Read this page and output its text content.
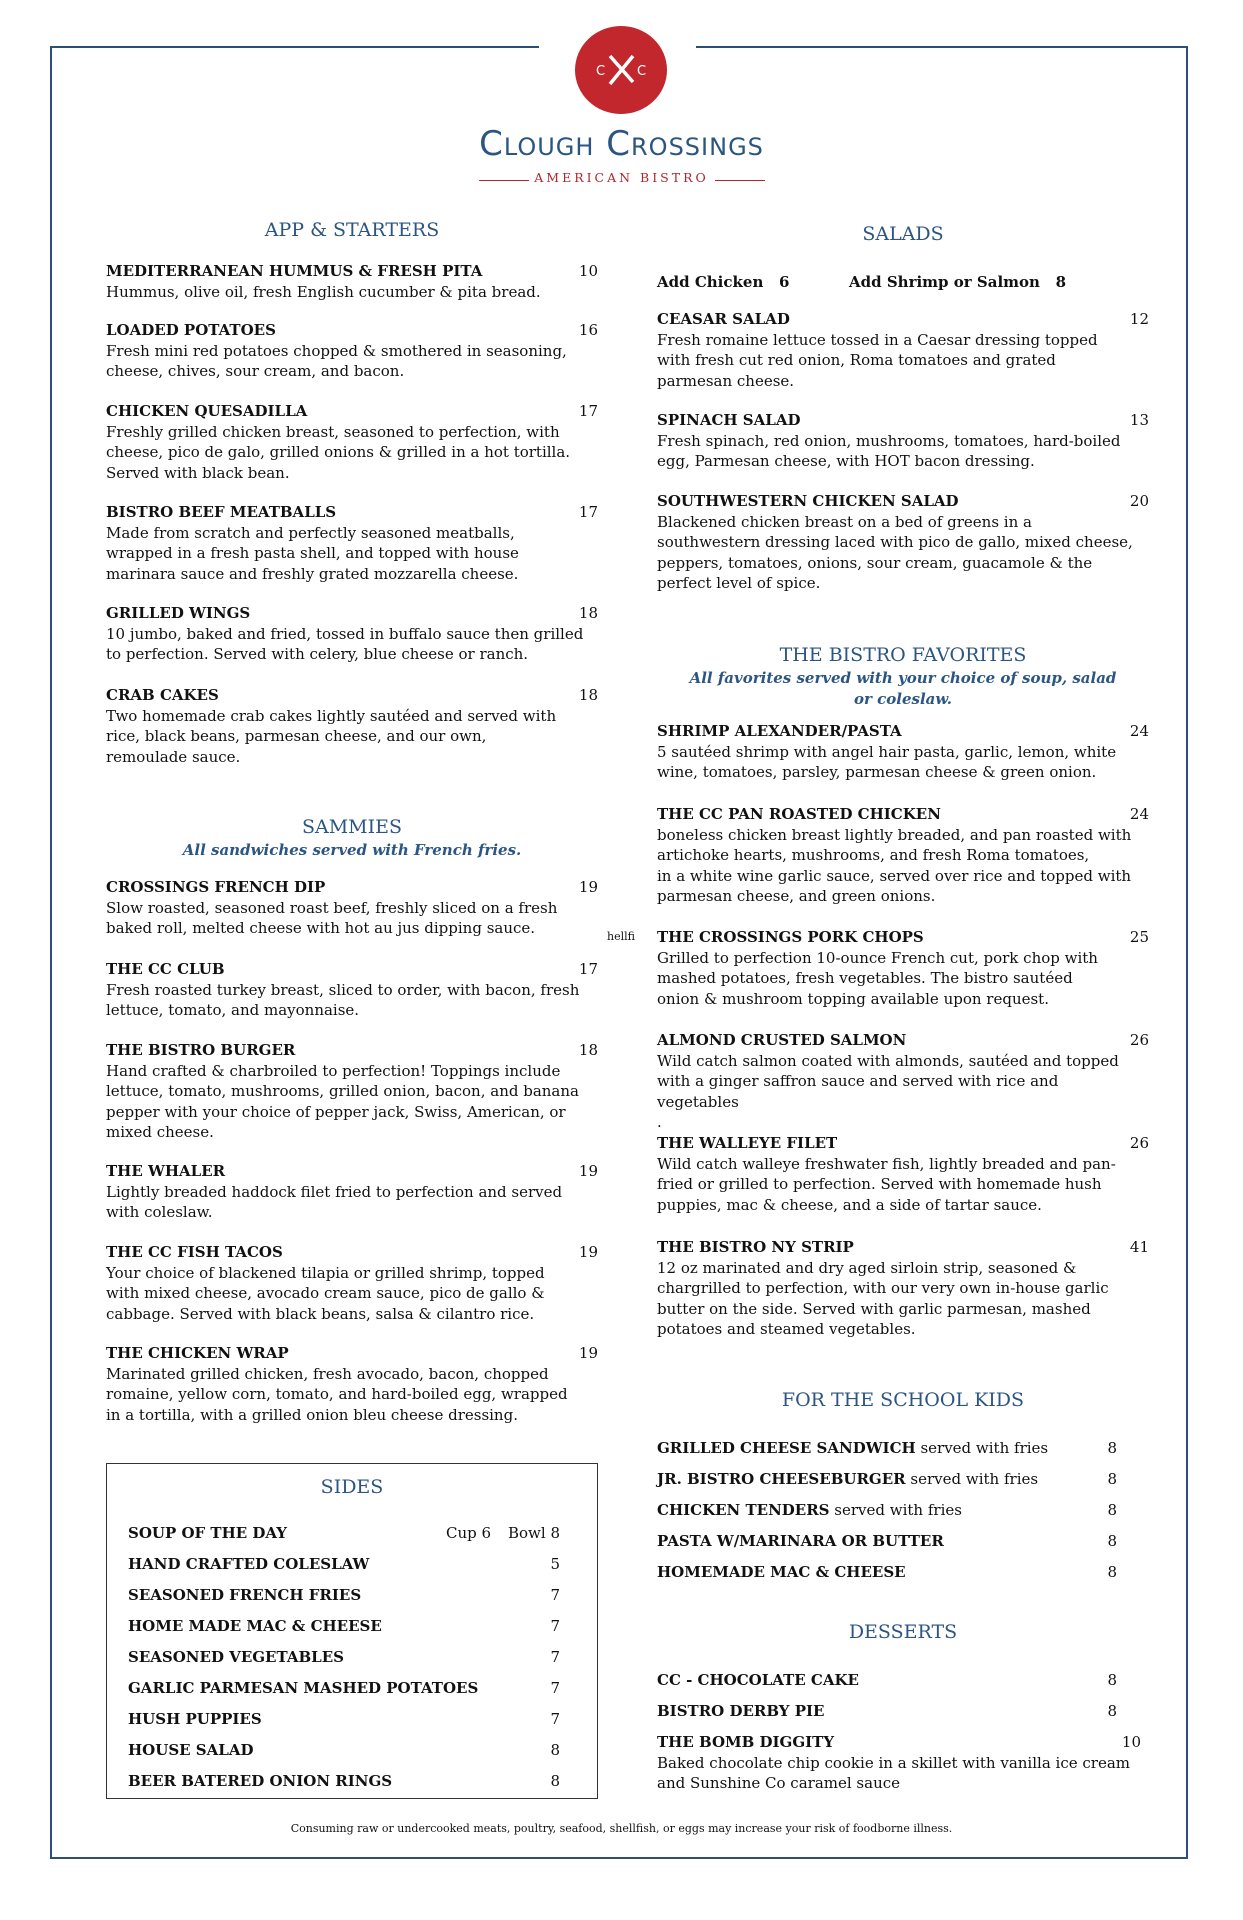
C C
Clough Crossings
AMERICAN BISTRO
APP & STARTERS
MEDITERRANEAN HUMMUS & FRESH PITA	10
Hummus, olive oil, fresh English cucumber & pita bread.
LOADED POTATOES	16
Fresh mini red potatoes chopped & smothered in seasoning,
cheese, chives, sour cream, and bacon.
CHICKEN QUESADILLA	17
Freshly grilled chicken breast, seasoned to perfection, with
cheese, pico de galo, grilled onions & grilled in a hot tortilla.
Served with black bean.
BISTRO BEEF MEATBALLS	17
Made from scratch and perfectly seasoned meatballs,
wrapped in a fresh pasta shell, and topped with house
marinara sauce and freshly grated mozzarella cheese.
GRILLED WINGS	18
10 jumbo, baked and fried, tossed in buffalo sauce then grilled
to perfection. Served with celery, blue cheese or ranch.
CRAB CAKES	18
Two homemade crab cakes lightly sautéed and served with
rice, black beans, parmesan cheese, and our own,
remoulade sauce.
SAMMIES
All sandwiches served with French fries.
CROSSINGS FRENCH DIP	19
Slow roasted, seasoned roast beef, freshly sliced on a fresh
baked roll, melted cheese with hot au jus dipping sauce.
THE CC CLUB	17
Fresh roasted turkey breast, sliced to order, with bacon, fresh
lettuce, tomato, and mayonnaise.
THE BISTRO BURGER	18
Hand crafted & charbroiled to perfection! Toppings include
lettuce, tomato, mushrooms, grilled onion, bacon, and banana
pepper with your choice of pepper jack, Swiss, American, or
mixed cheese.
THE WHALER	19
Lightly breaded haddock filet fried to perfection and served
with coleslaw.
THE CC FISH TACOS	19
Your choice of blackened tilapia or grilled shrimp, topped
with mixed cheese, avocado cream sauce, pico de gallo &
cabbage. Served with black beans, salsa & cilantro rice.
THE CHICKEN WRAP	19
Marinated grilled chicken, fresh avocado, bacon, chopped
romaine, yellow corn, tomato, and hard-boiled egg, wrapped
in a tortilla, with a grilled onion bleu cheese dressing.
SIDES
SOUP OF THE DAY	Cup 6 Bowl 8
HAND CRAFTED COLESLAW	5
SEASONED FRENCH FRIES	7
HOME MADE MAC & CHEESE	7
SEASONED VEGETABLES	7
GARLIC PARMESAN MASHED POTATOES	7
HUSH PUPPIES	7
HOUSE SALAD	8
BEER BATERED ONION RINGS	8
SALADS
Add Chicken   6	Add Shrimp or Salmon   8
CEASAR SALAD	12
Fresh romaine lettuce tossed in a Caesar dressing topped
with fresh cut red onion, Roma tomatoes and grated
parmesan cheese.
SPINACH SALAD	13
Fresh spinach, red onion, mushrooms, tomatoes, hard-boiled
egg, Parmesan cheese, with HOT bacon dressing.
SOUTHWESTERN CHICKEN SALAD	20
Blackened chicken breast on a bed of greens in a
southwestern dressing laced with pico de gallo, mixed cheese,
peppers, tomatoes, onions, sour cream, guacamole & the
perfect level of spice.
THE BISTRO FAVORITES
All favorites served with your choice of soup, salad
or coleslaw.
SHRIMP ALEXANDER/PASTA	24
5 sautéed shrimp with angel hair pasta, garlic, lemon, white
wine, tomatoes, parsley, parmesan cheese & green onion.
THE CC PAN ROASTED CHICKEN	24
boneless chicken breast lightly breaded, and pan roasted with
artichoke hearts, mushrooms, and fresh Roma tomatoes,
in a white wine garlic sauce, served over rice and topped with
parmesan cheese, and green onions.
THE CROSSINGS PORK CHOPS	25
Grilled to perfection 10-ounce French cut, pork chop with
mashed potatoes, fresh vegetables. The bistro sautéed
onion & mushroom topping available upon request.
ALMOND CRUSTED SALMON	26
Wild catch salmon coated with almonds, sautéed and topped
with a ginger saffron sauce and served with rice and
vegetables
.
THE WALLEYE FILET	26
Wild catch walleye freshwater fish, lightly breaded and pan-
fried or grilled to perfection. Served with homemade hush
puppies, mac & cheese, and a side of tartar sauce.
THE BISTRO NY STRIP	41
12 oz marinated and dry aged sirloin strip, seasoned &
chargrilled to perfection, with our very own in-house garlic
butter on the side. Served with garlic parmesan, mashed
potatoes and steamed vegetables.
FOR THE SCHOOL KIDS
GRILLED CHEESE SANDWICH served with fries	8
JR. BISTRO CHEESEBURGER served with fries	8
CHICKEN TENDERS served with fries	8
PASTA W/MARINARA OR BUTTER	8
HOMEMADE MAC & CHEESE	8
DESSERTS
CC - CHOCOLATE CAKE	8
BISTRO DERBY PIE	8
THE BOMB DIGGITY	10
Baked chocolate chip cookie in a skillet with vanilla ice cream
and Sunshine Co caramel sauce
hellfi
Consuming raw or undercooked meats, poultry, seafood, shellfish, or eggs may increase your risk of foodborne illness.
